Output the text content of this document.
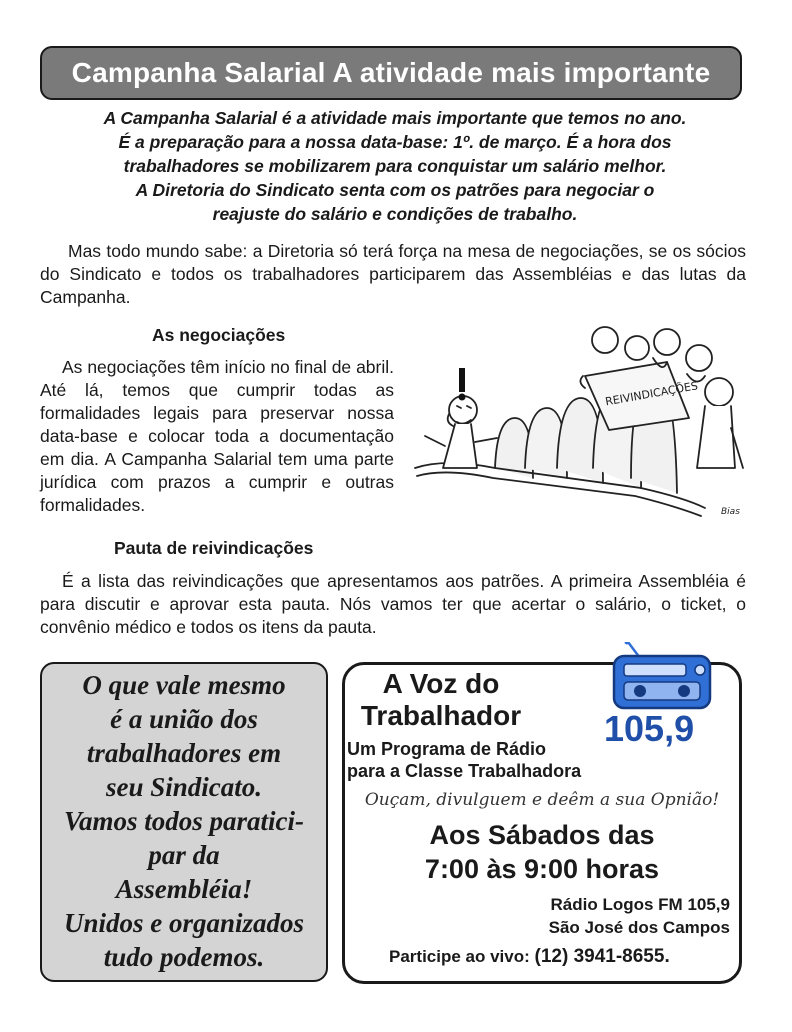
Campanha Salarial A atividade mais importante
A Campanha Salarial é a atividade mais importante que temos no ano.
É a preparação para a nossa data-base: 1º. de março. É a hora dos
trabalhadores se mobilizarem para conquistar um salário melhor.
A Diretoria do Sindicato senta com os patrões para negociar o
reajuste do salário e condições de trabalho.
Mas todo mundo sabe: a Diretoria só terá força na mesa de negociações, se os sócios do Sindicato e todos os trabalhadores participarem das Assembléias e das lutas da Campanha.
As negociações
As negociações têm início no final de abril. Até lá, temos que cumprir todas as formalidades legais para preservar nossa data-base e colocar toda a documentação em dia. A Campanha Salarial tem uma parte jurídica com prazos a cumprir e outras formalidades.
REIVINDICAÇÕES
Bias
Pauta de reivindicações
É a lista das reivindicações que apresentamos aos patrões. A primeira Assembléia é para discutir e aprovar esta pauta. Nós vamos ter que acertar o salário, o ticket, o convênio médico e todos os itens da pauta.
O que vale mesmo
é a união dos
trabalhadores em
seu Sindicato.
Vamos todos paratici-
par da
Assembléia!
Unidos e organizados
tudo podemos.
A Voz do
Trabalhador	105,9
Um Programa de Rádio
para a Classe Trabalhadora
Ouçam, divulguem e deêm a sua Opnião!
Aos Sábados das
7:00 às 9:00 horas
Rádio Logos FM 105,9
São José dos Campos
Participe ao vivo: (12) 3941-8655.
